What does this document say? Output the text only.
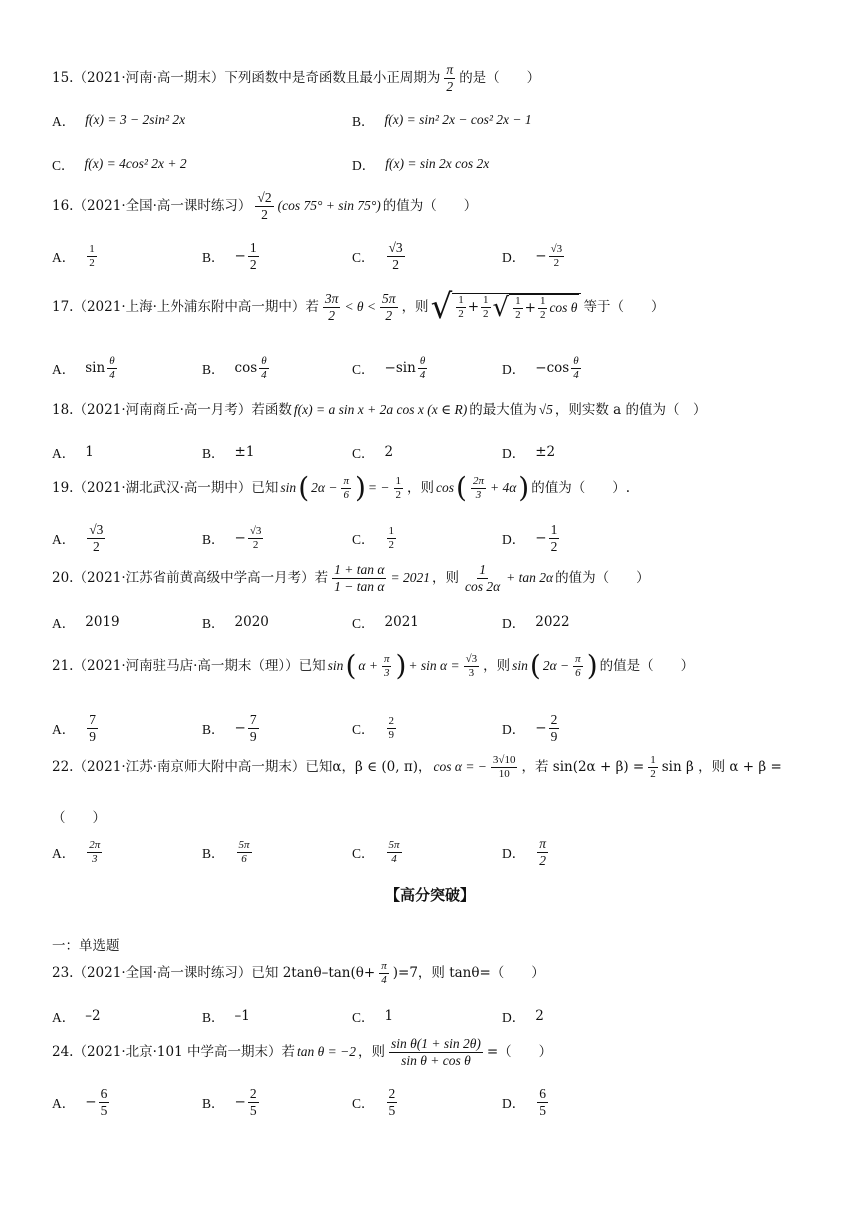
15.（2021·河南·高一期末）下列函数中是奇函数且最小正周期为
π
2
的是（　　）
A． f(x) = 3 − 2sin² 2x	B． f(x) = sin² 2x − cos² 2x − 1
C． f(x) = 4cos² 2x + 2	D． f(x) = sin 2x cos 2x
16.（2021·全国·高一课时练习）
√2
2
(cos 75° + sin 75°) 的值为（　　）
A．
1
2	B． − $\frac{1}{2}$	C．
√3
2	D． − $\frac{√3}{2}$
17.（2021·上海·上外浦东附中高一期中）若
3π
2
< θ <
5π
2
，则 √ 1
2 + 1
2 √ 1
2 + 1
2 cos θ 等于（　　）
A． sin θ
4	B． cos θ
4	C． − sin θ
4	D． − cos θ
4
18.（2021·河南商丘·高一月考）若函数 f(x) = a sin x + 2a cos x (x ∈ R) 的最大值为 √5 ，则实数 a 的值为（　）
A． 1	B． ±1	C． 2	D． ±2
19.（2021·湖北武汉·高一期中）已知 sin ( $2\alpha - \frac{\pi}{6}$ ) = − $\frac{1}{2}$ ，则 cos ( 2π
3 + 4α ) 的值为（　　）.
A．
√3
2	B． − $\frac{√3}{2}$	C．
1
2	D． − $\frac{1}{2}$
20.（2021·江苏省前黄高级中学高一月考）若 $\frac{\text{1 + tan α}}{\text{1 − tan α}} = 2021$ ，则
1
cos 2α
+ tan 2α 的值为（　　）
A． 2019	B． 2020	C． 2021	D． 2022
21.（2021·河南驻马店·高一期末（理））已知 sin ( $\alpha + \frac{\pi}{3}$ ) + $\sin \alpha = \frac{√3}{3}$ ，则 sin ( $2\alpha - \frac{\pi}{6}$ ) 的值是（　　）
A．
7
9	B． − $\frac{7}{9}$	C．
2
9	D． − $\frac{2}{9}$
22.（2021·江苏·南京师大附中高一期末）已知α，β ∈ (0, π)， cos α = − $\frac{3√10}{10}$ ，若 $\sin(2\alpha + \beta) = \frac{1}{2}$ sin β ，则 α + β =
（　　）
A．
2π
3	B．
5π
6	C．
5π
4	D．
π
2
【高分突破】
一：单选题
23.（2021·全国·高一课时练习）已知 $2\tan\theta-\tan(\theta+ \frac{\pi}{4} )=7$，则 tanθ=（　　）
A． –2	B． –1	C． 1	D． 2
24.（2021·北京·101 中学高一期末）若 tan θ = −2 ，则 $\frac{\text{sin θ(1 + sin 2θ)}}{\text{sin θ + cos θ}}$ =（　　）
A． − $\frac{6}{5}$	B． − $\frac{2}{5}$	C．
2
5	D．
6
5
